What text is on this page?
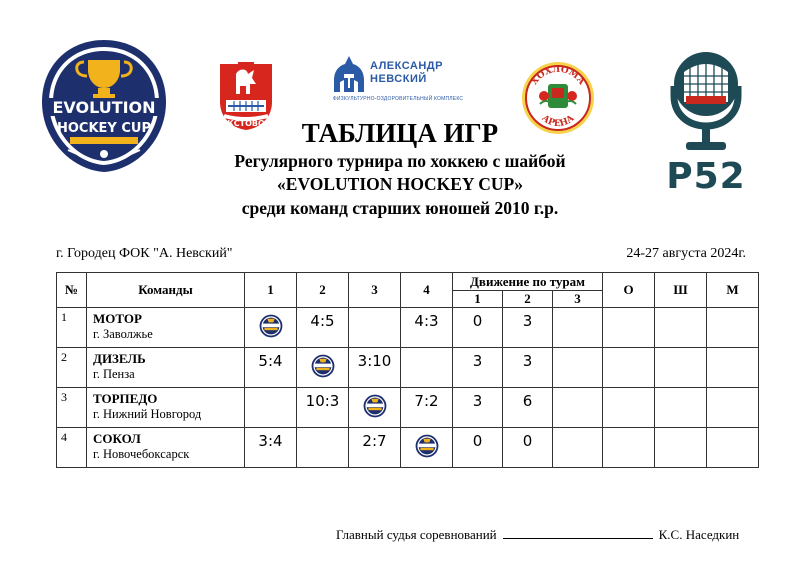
EVOLUTION
HOCKEY CUP	КСТОВО
АЛЕКСАНДР
НЕВСКИЙ
ФИЗКУЛЬТУРНО-ОЗДОРОВИТЕЛЬНЫЙ КОМПЛЕКС
ХОХЛОМА
АРЕНА
Р52
ТАБЛИЦА ИГР
Регулярного турнира по хоккею с шайбой
«EVOLUTION HOCKEY CUP»
среди команд старших юношей 2010 г.р.
г. Городец ФОК "А. Невский"	24-27 августа 2024г.
№	Команды	1	2	3	4	Движение по турам			О	Ш	М
						1	2	3			
1	МОТОР
г. Заволжье		4:5		4:3	0	3				
2	ДИЗЕЛЬ
г. Пенза	5:4		3:10		3	3				
3	ТОРПЕДО
г. Нижний Новгород		10:3		7:2	3	6				
4	СОКОЛ
г. Новочебоксарск	3:4		2:7		0	0				
Главный судья соревнований	К.С. Наседкин
